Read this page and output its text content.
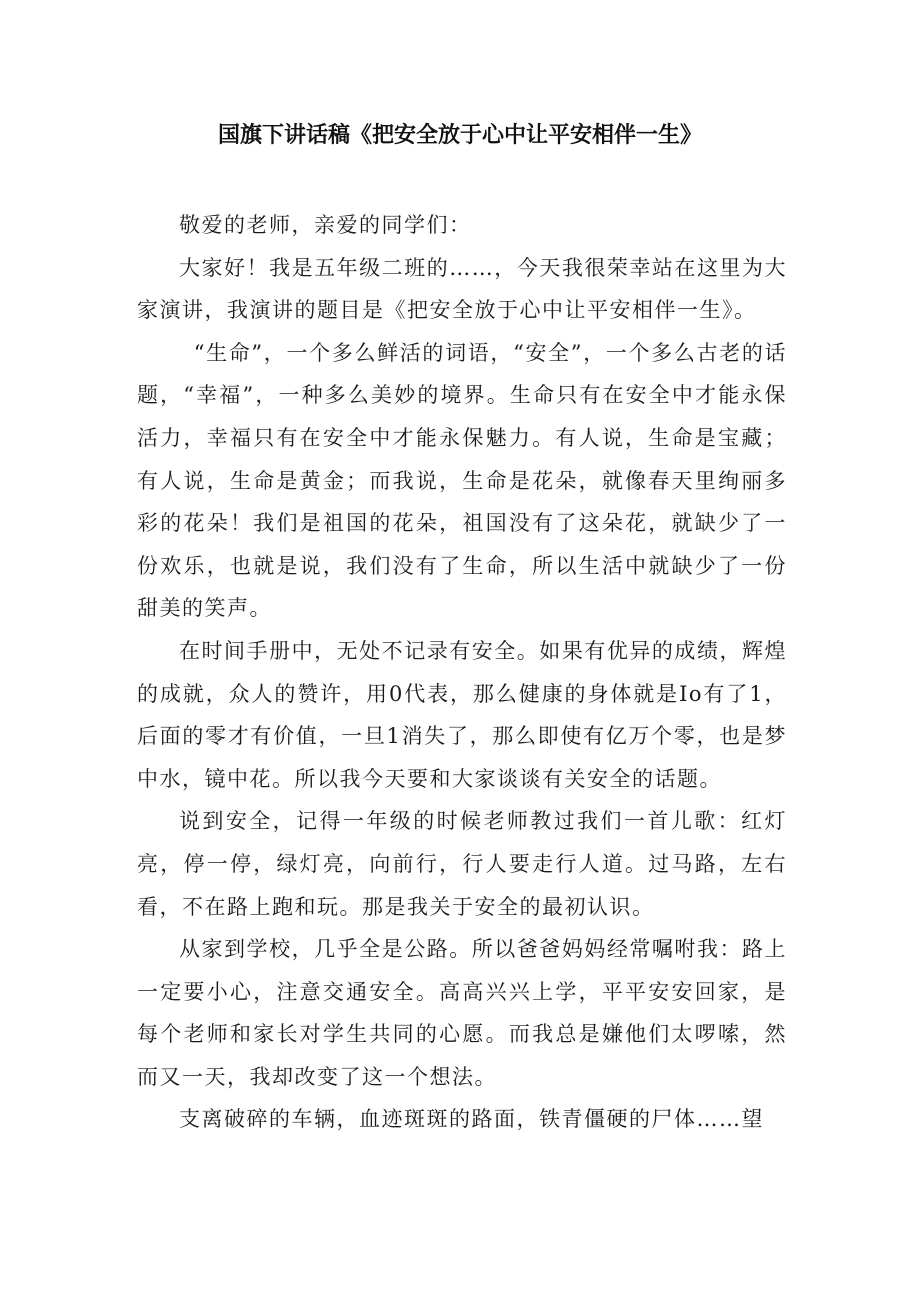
国旗下讲话稿《把安全放于心中让平安相伴一生》

敬爱的老师，亲爱的同学们：

大家好！我是五年级二班的……，今天我很荣幸站在这里为大家演讲，我演讲的题目是《把安全放于心中让平安相伴一生》。

“生命”，一个多么鲜活的词语，“安全”，一个多么古老的话题，“幸福”，一种多么美妙的境界。生命只有在安全中才能永保活力，幸福只有在安全中才能永保魅力。有人说，生命是宝藏；有人说，生命是黄金；而我说，生命是花朵，就像春天里绚丽多彩的花朵！我们是祖国的花朵，祖国没有了这朵花，就缺少了一份欢乐，也就是说，我们没有了生命，所以生活中就缺少了一份甜美的笑声。

在时间手册中，无处不记录有安全。如果有优异的成绩，辉煌的成就，众人的赞许，用0代表，那么健康的身体就是Io有了1，后面的零才有价值，一旦1消失了，那么即使有亿万个零，也是梦中水，镜中花。所以我今天要和大家谈谈有关安全的话题。

说到安全，记得一年级的时候老师教过我们一首儿歌：红灯亮，停一停，绿灯亮，向前行，行人要走行人道。过马路，左右看，不在路上跑和玩。那是我关于安全的最初认识。

从家到学校，几乎全是公路。所以爸爸妈妈经常嘱咐我：路上一定要小心，注意交通安全。高高兴兴上学，平平安安回家，是每个老师和家长对学生共同的心愿。而我总是嫌他们太啰嗦，然而又一天，我却改变了这一个想法。

支离破碎的车辆，血迹斑斑的路面，铁青僵硬的尸体……望
